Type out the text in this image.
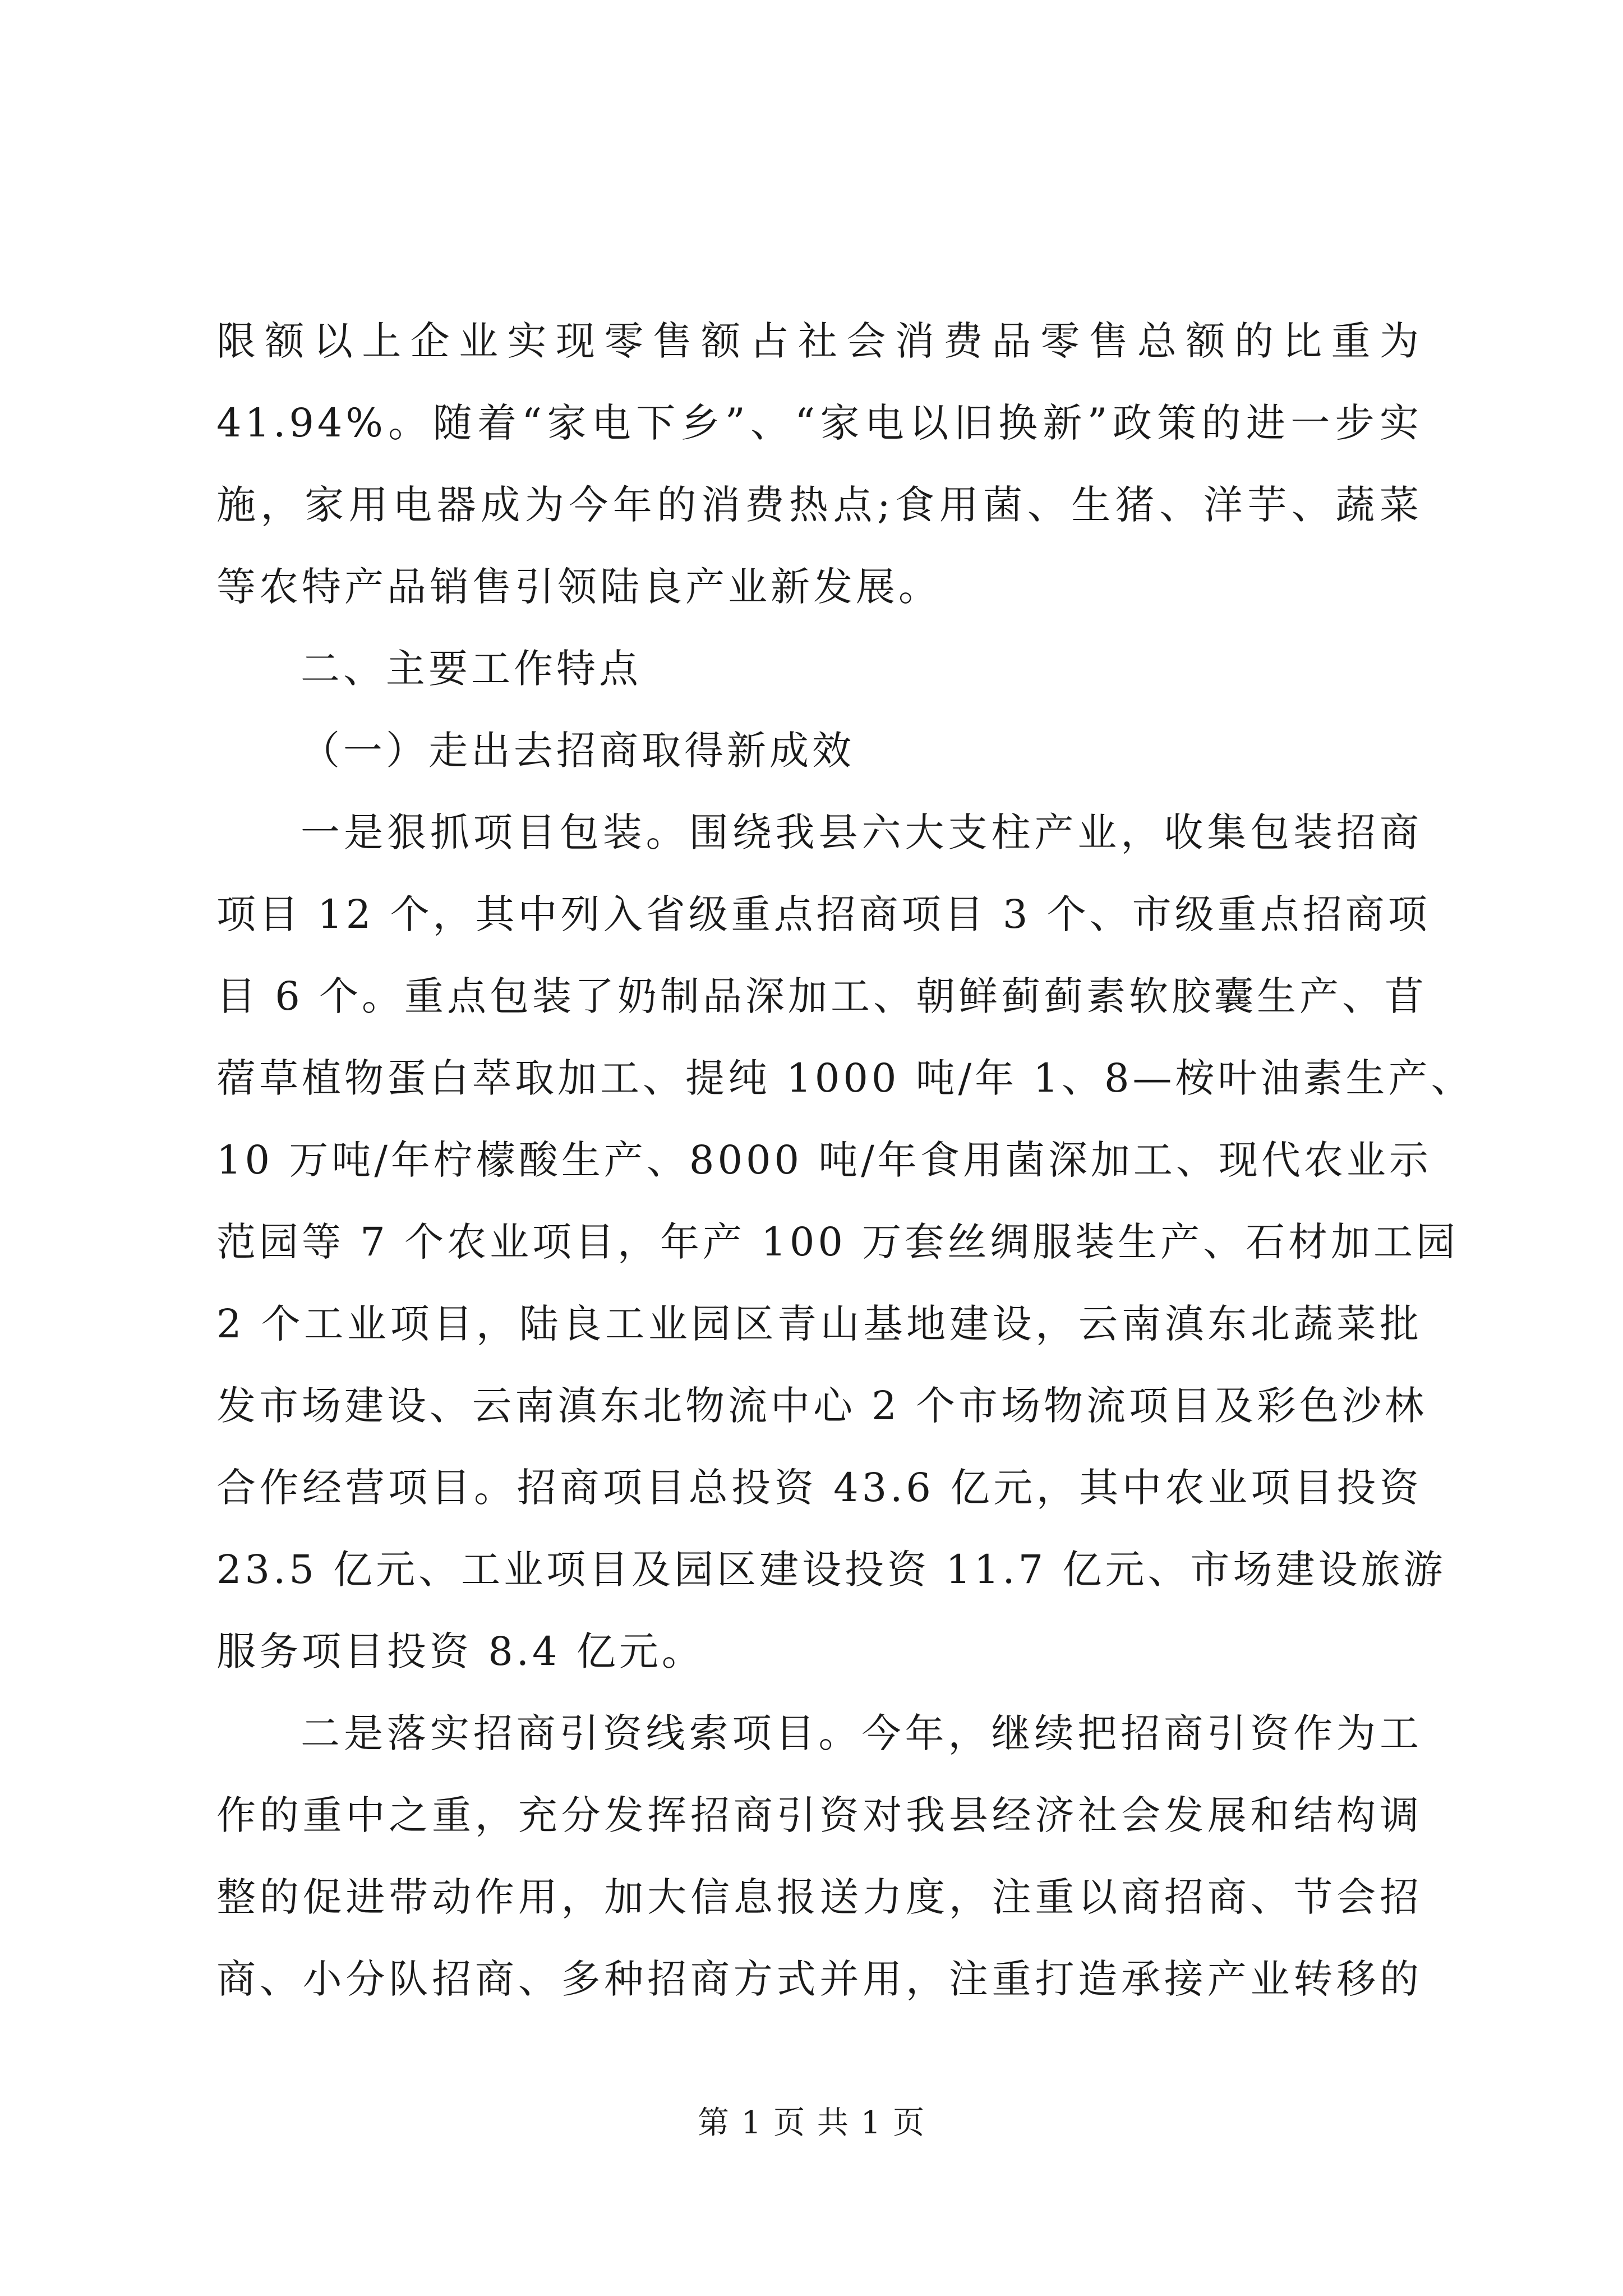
限额以上企业实现零售额占社会消费品零售总额的比重为
41.94%。随着“家电下乡”、“家电以旧换新”政策的进一步实
施，家用电器成为今年的消费热点;食用菌、生猪、洋芋、蔬菜
等农特产品销售引领陆良产业新发展。
二、主要工作特点
（一）走出去招商取得新成效
一是狠抓项目包装。围绕我县六大支柱产业，收集包装招商
项目 12 个，其中列入省级重点招商项目 3 个、市级重点招商项
目 6 个。重点包装了奶制品深加工、朝鲜蓟蓟素软胶囊生产、苜
蓿草植物蛋白萃取加工、提纯 1000 吨/年 1、8—桉叶油素生产、
10 万吨/年柠檬酸生产、8000 吨/年食用菌深加工、现代农业示
范园等 7 个农业项目，年产 100 万套丝绸服装生产、石材加工园
2 个工业项目，陆良工业园区青山基地建设，云南滇东北蔬菜批
发市场建设、云南滇东北物流中心 2 个市场物流项目及彩色沙林
合作经营项目。招商项目总投资 43.6 亿元，其中农业项目投资
23.5 亿元、工业项目及园区建设投资 11.7 亿元、市场建设旅游
服务项目投资 8.4 亿元。
二是落实招商引资线索项目。今年，继续把招商引资作为工
作的重中之重，充分发挥招商引资对我县经济社会发展和结构调
整的促进带动作用，加大信息报送力度，注重以商招商、节会招
商、小分队招商、多种招商方式并用，注重打造承接产业转移的
第 1 页 共 1 页
